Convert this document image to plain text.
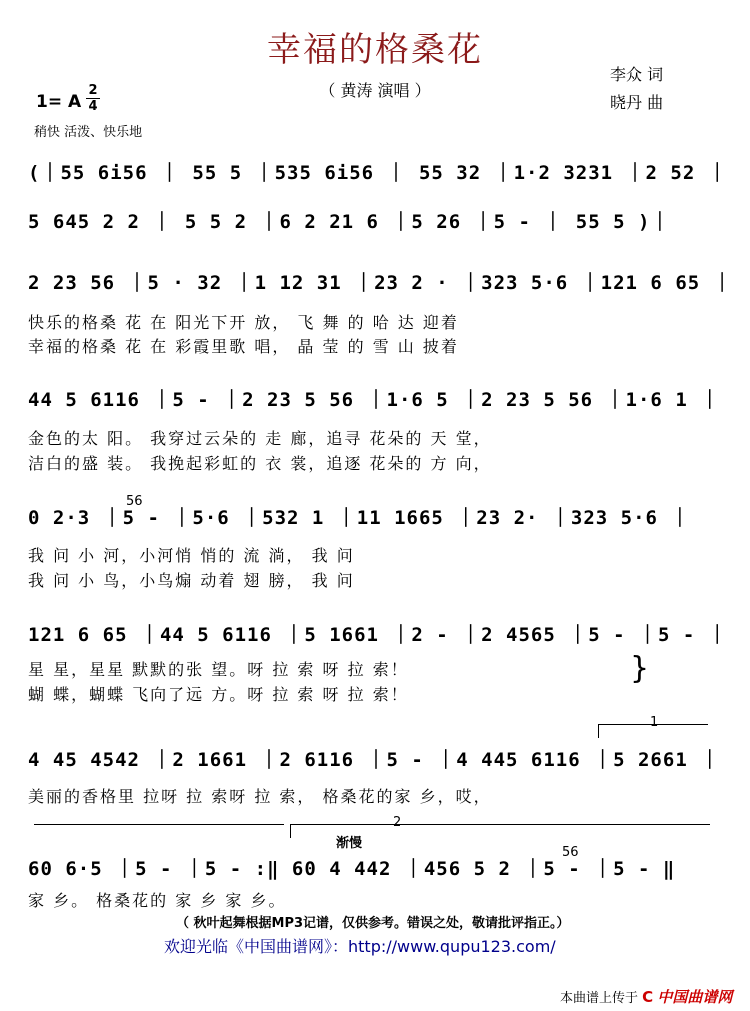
幸福的格桑花
（ 黄涛 演唱 ）
李众 词
晓丹 曲
1= A
2
4
稍快 活泼、快乐地
(｜55 6i56 ｜ 55 5 ｜535 6i56 ｜ 55 32 ｜1·2 3231 ｜2 52 ｜
5 645 2 2 ｜ 5 5 2 ｜6 2 21 6 ｜5 26 ｜5 - ｜ 55 5 )｜
2 23 56 ｜5 · 32 ｜1 12 31 ｜23 2 · ｜323 5·6 ｜121 6 65 ｜
快乐的格桑 花 在 阳光下开 放， 飞 舞 的 哈 达 迎着
幸福的格桑 花 在 彩霞里歌 唱， 晶 莹 的 雪 山 披着
44 5 6116 ｜5 - ｜2 23 5 56 ｜1·6 5 ｜2 23 5 56 ｜1·6 1 ｜
金色的太 阳。 我穿过云朵的 走 廊，追寻 花朵的 天 堂，
洁白的盛 装。 我挽起彩虹的 衣 裳，追逐 花朵的 方 向，
56
0 2·3 ｜5 - ｜5·6 ｜532 1 ｜11 1665 ｜23 2· ｜323 5·6 ｜
我 问 小 河，小河悄 悄的 流 淌， 我 问
我 问 小 鸟，小鸟煽 动着 翅 膀， 我 问
121 6 65 ｜44 5 6116 ｜5 1661 ｜2 - ｜2 4565 ｜5 - ｜5 - ｜
星 星，星星 默默的张 望。呀 拉 索 呀 拉 索！
蝴 蝶，蝴蝶 飞向了远 方。呀 拉 索 呀 拉 索！
}
1
4 45 4542 ｜2 1661 ｜2 6116 ｜5 - ｜4 445 6116 ｜5 2661 ｜
美丽的香格里 拉呀 拉 索呀 拉 索， 格桑花的家 乡，哎，
2
渐慢
56
60 6·5 ｜5 - ｜5 - :‖ 60 4 442 ｜456 5 2 ｜5 - ｜5 - ‖
家 乡。 格桑花的 家 乡 家 乡。
（ 秋叶起舞根据MP3记谱，仅供参考。错误之处，敬请批评指正。）
欢迎光临《中国曲谱网》：http://www.qupu123.com/
本曲谱上传于 C 中国曲谱网
